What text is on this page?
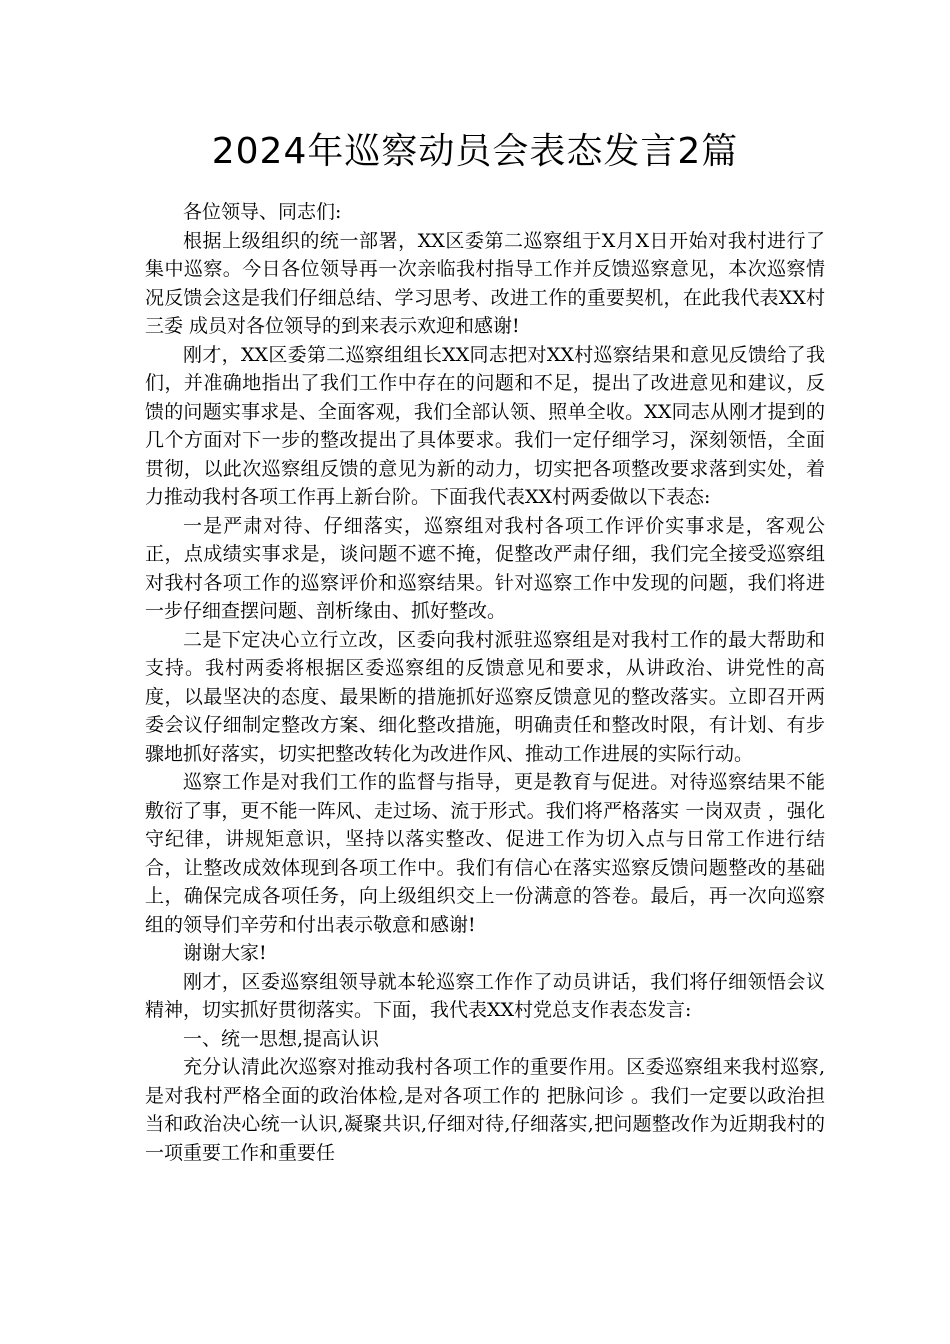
2024年巡察动员会表态发言2篇

各位领导、同志们:

根据上级组织的统一部署，XX区委第二巡察组于X月X日开始对我村进行了集中巡察。今日各位领导再一次亲临我村指导工作并反馈巡察意见，本次巡察情况反馈会这是我们仔细总结、学习思考、改进工作的重要契机，在此我代表XX村 三委 成员对各位领导的到来表示欢迎和感谢!

刚才，XX区委第二巡察组组长XX同志把对XX村巡察结果和意见反馈给了我们，并准确地指出了我们工作中存在的问题和不足，提出了改进意见和建议，反馈的问题实事求是、全面客观，我们全部认领、照单全收。XX同志从刚才提到的几个方面对下一步的整改提出了具体要求。我们一定仔细学习，深刻领悟，全面贯彻，以此次巡察组反馈的意见为新的动力，切实把各项整改要求落到实处，着力推动我村各项工作再上新台阶。下面我代表XX村两委做以下表态:

一是严肃对待、仔细落实，巡察组对我村各项工作评价实事求是，客观公正，点成绩实事求是，谈问题不遮不掩，促整改严肃仔细，我们完全接受巡察组对我村各项工作的巡察评价和巡察结果。针对巡察工作中发现的问题，我们将进一步仔细查摆问题、剖析缘由、抓好整改。

二是下定决心立行立改，区委向我村派驻巡察组是对我村工作的最大帮助和支持。我村两委将根据区委巡察组的反馈意见和要求，从讲政治、讲党性的高度，以最坚决的态度、最果断的措施抓好巡察反馈意见的整改落实。立即召开两委会议仔细制定整改方案、细化整改措施，明确责任和整改时限，有计划、有步骤地抓好落实，切实把整改转化为改进作风、推动工作进展的实际行动。

巡察工作是对我们工作的监督与指导，更是教育与促进。对待巡察结果不能敷衍了事，更不能一阵风、走过场、流于形式。我们将严格落实 一岗双责 ，强化守纪律，讲规矩意识，坚持以落实整改、促进工作为切入点与日常工作进行结合，让整改成效体现到各项工作中。我们有信心在落实巡察反馈问题整改的基础上，确保完成各项任务，向上级组织交上一份满意的答卷。最后，再一次向巡察组的领导们辛劳和付出表示敬意和感谢!

谢谢大家!

刚才，区委巡察组领导就本轮巡察工作作了动员讲话，我们将仔细领悟会议精神，切实抓好贯彻落实。下面，我代表XX村党总支作表态发言:

一、统一思想,提高认识

充分认清此次巡察对推动我村各项工作的重要作用。区委巡察组来我村巡察,是对我村严格全面的政治体检,是对各项工作的 把脉问诊 。我们一定要以政治担当和政治决心统一认识,凝聚共识,仔细对待,仔细落实,把问题整改作为近期我村的一项重要工作和重要任
